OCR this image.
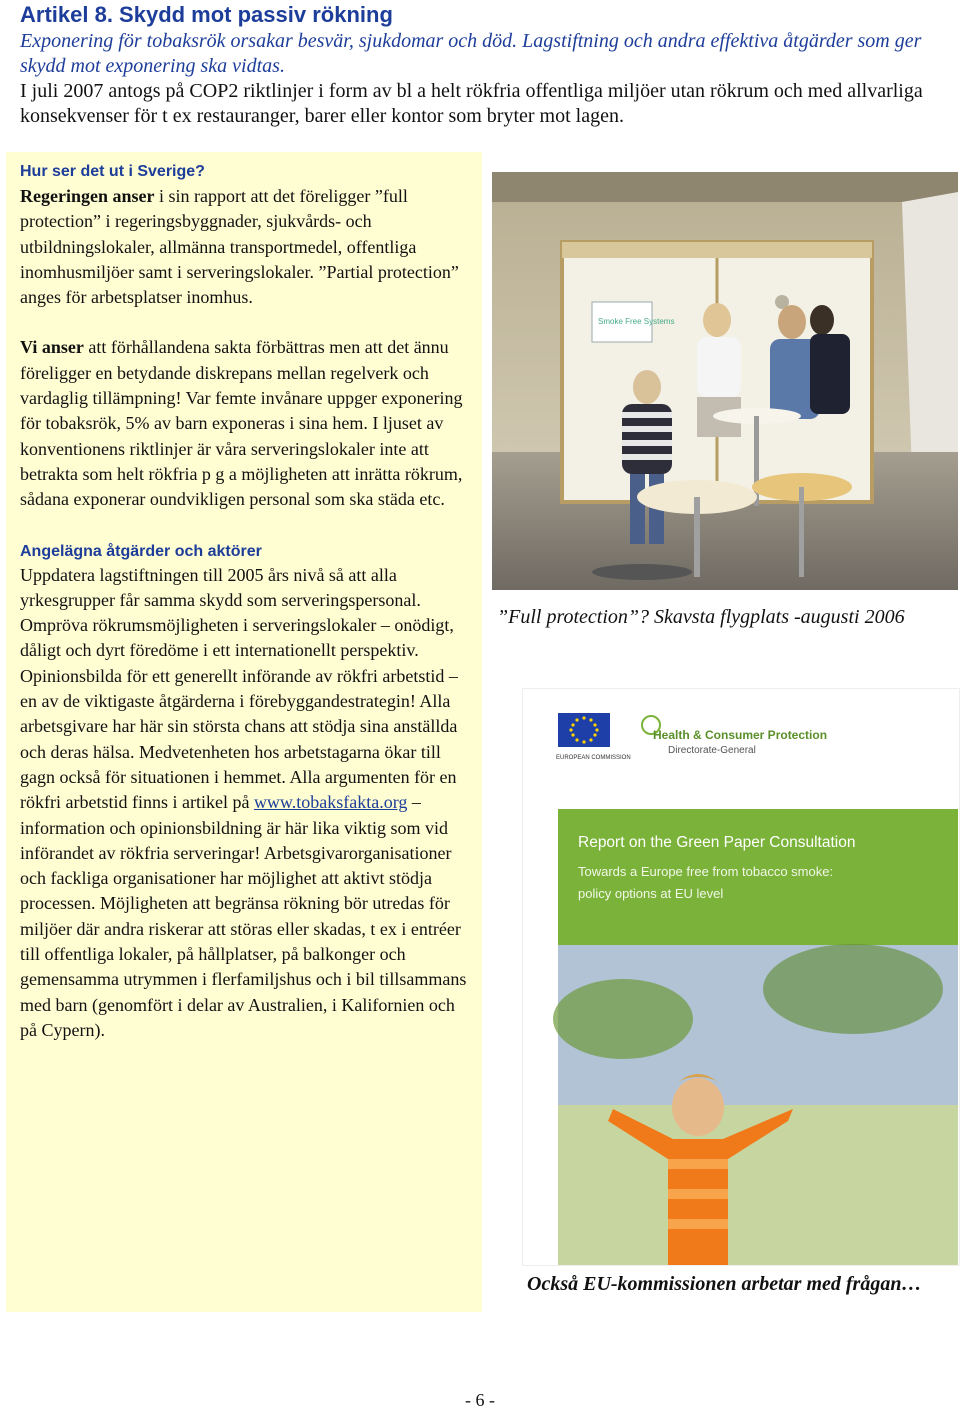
Artikel 8. Skydd mot passiv rökning

Exponering för tobaksrök orsakar besvär, sjukdomar och död. Lagstiftning och andra effektiva åtgärder som ger skydd mot exponering ska vidtas.

I juli 2007 antogs på COP2 riktlinjer i form av bl a helt rökfria offentliga miljöer utan rökrum och med allvarliga konsekvenser för t ex restauranger, barer eller kontor som bryter mot lagen.

Hur ser det ut i Sverige?

Regeringen anser i sin rapport att det föreligger ”full protection” i regeringsbyggnader, sjukvårds- och utbildningslokaler, allmänna transportmedel, offentliga inomhusmiljöer samt i serveringslokaler. ”Partial protection” anges för arbetsplatser inomhus.

Vi anser att förhållandena sakta förbättras men att det ännu föreligger en betydande diskrepans mellan regelverk och vardaglig tillämpning! Var femte invånare uppger exponering för tobaksrök, 5% av barn exponeras i sina hem. I ljuset av konventionens riktlinjer är våra serveringslokaler inte att betrakta som helt rökfria p g a möjligheten att inrätta rökrum, sådana exponerar oundvikligen personal som ska städa etc.

Angelägna åtgärder och aktörer

Uppdatera lagstiftningen till 2005 års nivå så att alla yrkesgrupper får samma skydd som serveringspersonal. Ompröva rökrumsmöjligheten i serveringslokaler – onödigt, dåligt och dyrt föredöme i ett internationellt perspektiv. Opinionsbilda för ett generellt införande av rökfri arbetstid – en av de viktigaste åtgärderna i förebyggandestrategin! Alla arbetsgivare har här sin största chans att stödja sina anställda och deras hälsa. Medvetenheten hos arbetstagarna ökar till gagn också för situationen i hemmet. Alla argumenten för en rökfri arbetstid finns i artikel på www.tobaksfakta.org – information och opinionsbildning är här lika viktig som vid införandet av rökfria serveringar! Arbetsgivarorganisationer och fackliga organisationer har möjlighet att aktivt stödja processen. Möjligheten att begränsa rökning bör utredas för miljöer där andra riskerar att störas eller skadas, t ex i entréer till offentliga lokaler, på hållplatser, på balkonger och gemensamma utrymmen i flerfamiljshus och i bil tillsammans med barn (genomfört i delar av Australien, i Kalifornien och på Cypern).

Smoke Free Systems

”Full protection”? Skavsta flygplats -augusti 2006

EUROPEAN COMMISSION
Health & Consumer Protection
Directorate-General
Report on the Green Paper Consultation
Towards a Europe free from tobacco smoke:
policy options at EU level

Också EU-kommissionen arbetar med frågan…

- 6 -
